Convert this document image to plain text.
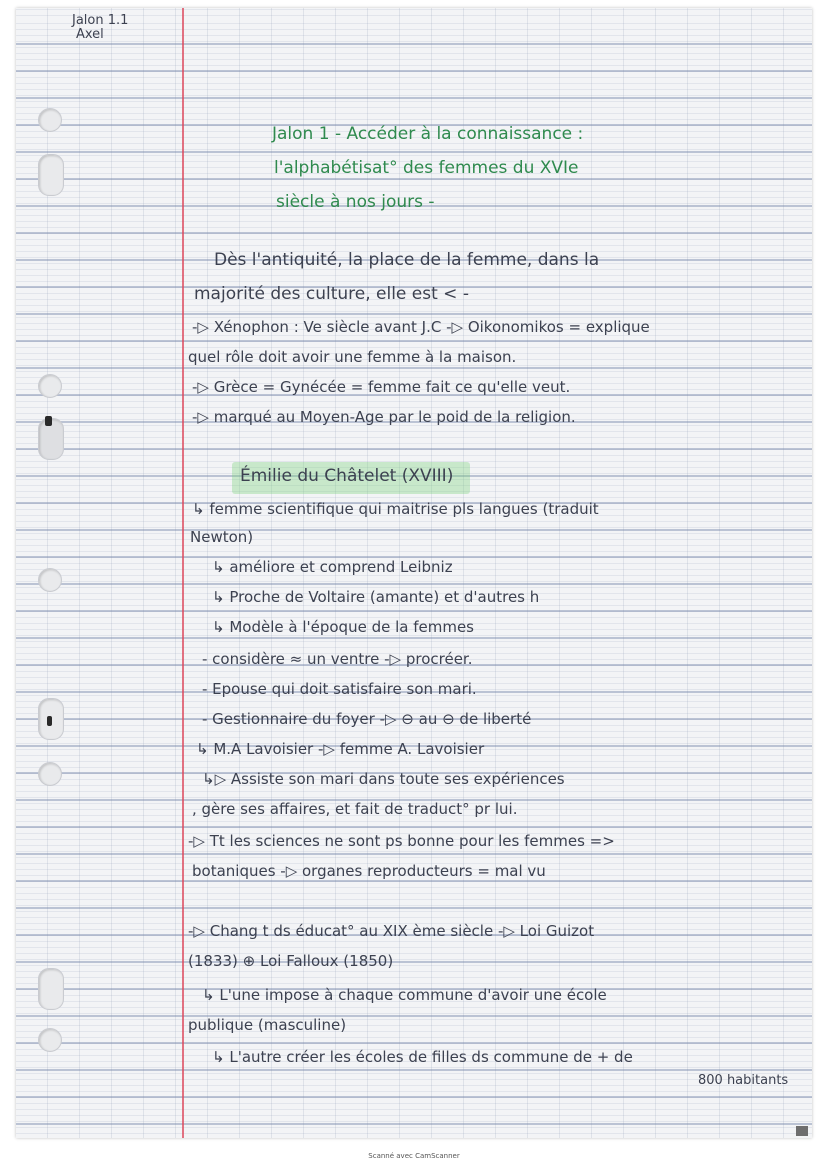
Jalon 1.1
Axel
Jalon 1 - Accéder à la connaissance :
l'alphabétisat° des femmes du XVIe
siècle à nos jours -
Dès l'antiquité, la place de la femme, dans la
majorité des culture, elle est < -
-▷ Xénophon : Ve siècle avant J.C -▷ Oikonomikos = explique
quel rôle doit avoir une femme à la maison.
-▷ Grèce = Gynécée = femme fait ce qu'elle veut.
-▷ marqué au Moyen-Age par le poid de la religion.
Émilie du Châtelet (XVIII)
↳ femme scientifique qui maitrise pls langues (traduit
Newton)
↳ améliore et comprend Leibniz
↳ Proche de Voltaire (amante) et d'autres h
↳ Modèle à l'époque de la femmes
- considère ≈ un ventre -▷ procréer.
- Epouse qui doit satisfaire son mari.
- Gestionnaire du foyer -▷ ⊖ au ⊖ de liberté
↳ M.A Lavoisier -▷ femme A. Lavoisier
↳▷ Assiste son mari dans toute ses expériences
, gère ses affaires, et fait de traduct° pr lui.
-▷ Tt les sciences ne sont ps bonne pour les femmes =>
botaniques -▷ organes reproducteurs = mal vu
-▷ Chang t ds éducat° au XIX ème siècle -▷ Loi Guizot
(1833) ⊕ Loi Falloux (1850)
↳ L'une impose à chaque commune d'avoir une école
publique (masculine)
↳ L'autre créer les écoles de filles ds commune de + de
800 habitants
Scanné avec CamScanner
